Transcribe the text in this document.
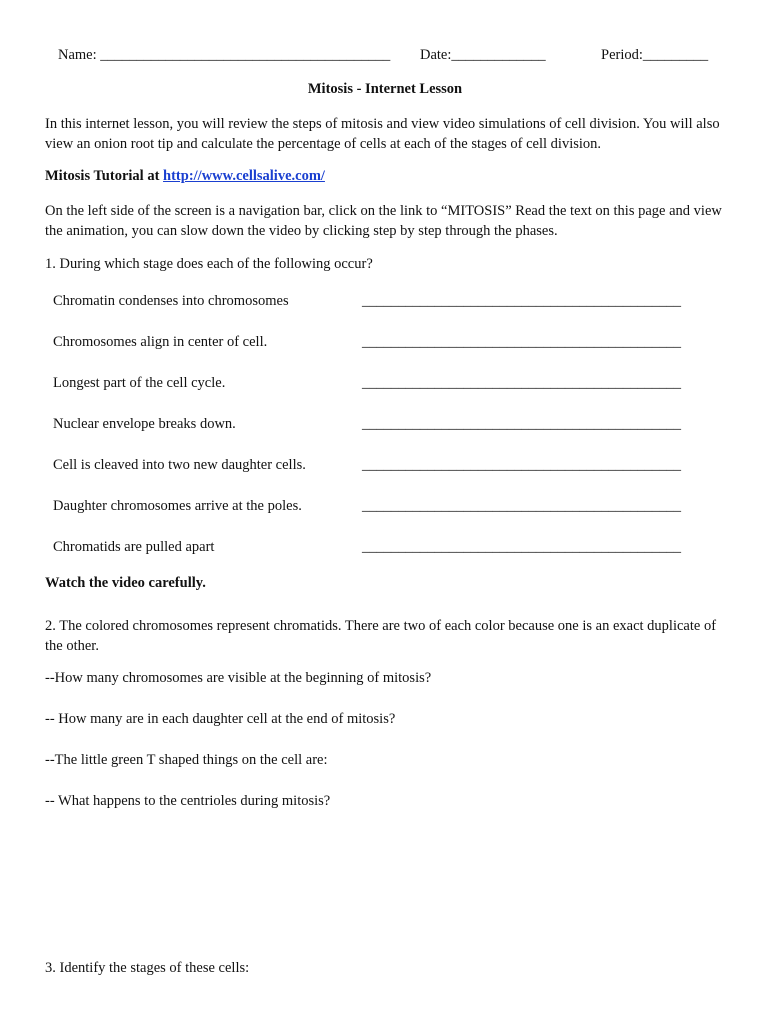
Name: ________________________________________ Date:_____________	Period:_________
Mitosis - Internet Lesson
In this internet lesson, you will review the steps of mitosis and view video simulations of cell division. You will also view an onion root tip and calculate the percentage of cells at each of the stages of cell division.
Mitosis Tutorial at http://www.cellsalive.com/
On the left side of the screen is a navigation bar, click on the link to “MITOSIS” Read the text on this page and view the animation, you can slow down the video by clicking step by step through the phases.
1. During which stage does each of the following occur?
Chromatin condenses into chromosomes	____________________________________________
Chromosomes align in center of cell.	____________________________________________
Longest part of the cell cycle.	____________________________________________
Nuclear envelope breaks down.	____________________________________________
Cell is cleaved into two new daughter cells.	____________________________________________
Daughter chromosomes arrive at the poles.	____________________________________________
Chromatids are pulled apart	____________________________________________
Watch the video carefully.
2. The colored chromosomes represent chromatids. There are two of each color because one is an exact duplicate of the other.
--How many chromosomes are visible at the beginning of mitosis?
-- How many are in each daughter cell at the end of mitosis?
--The little green T shaped things on the cell are:
-- What happens to the centrioles during mitosis?
3. Identify the stages of these cells:
